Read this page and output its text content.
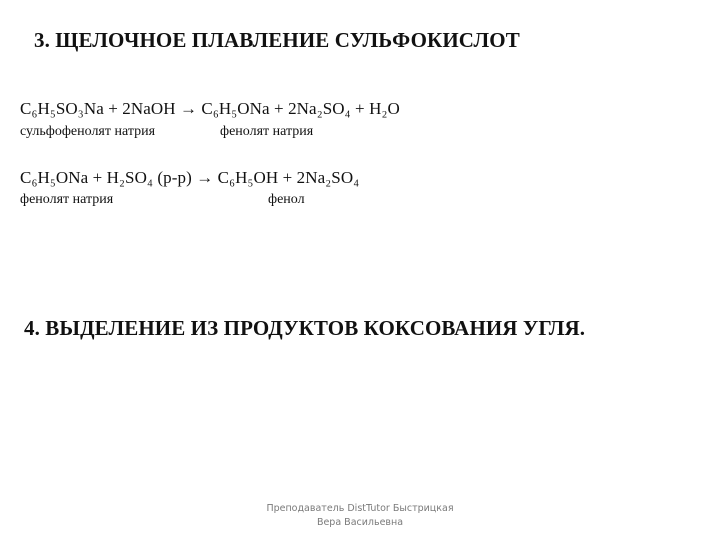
3. ЩЕЛОЧНОЕ ПЛАВЛЕНИЕ СУЛЬФОКИСЛОТ
C₆H₅SO₃Na + 2NaOH → C₆H₅ONa + 2Na₂SO₄ + H₂O
сульфофенолят натрия	фенолят натрия
C₆H₅ONa + H₂SO₄ (р-р) → C₆H₅OH + 2Na₂SO₄
фенолят натрия	фенол
4. ВЫДЕЛЕНИЕ ИЗ ПРОДУКТОВ КОКСОВАНИЯ УГЛЯ.
Преподаватель DistTutor Быстрицкая
Вера Васильевна
